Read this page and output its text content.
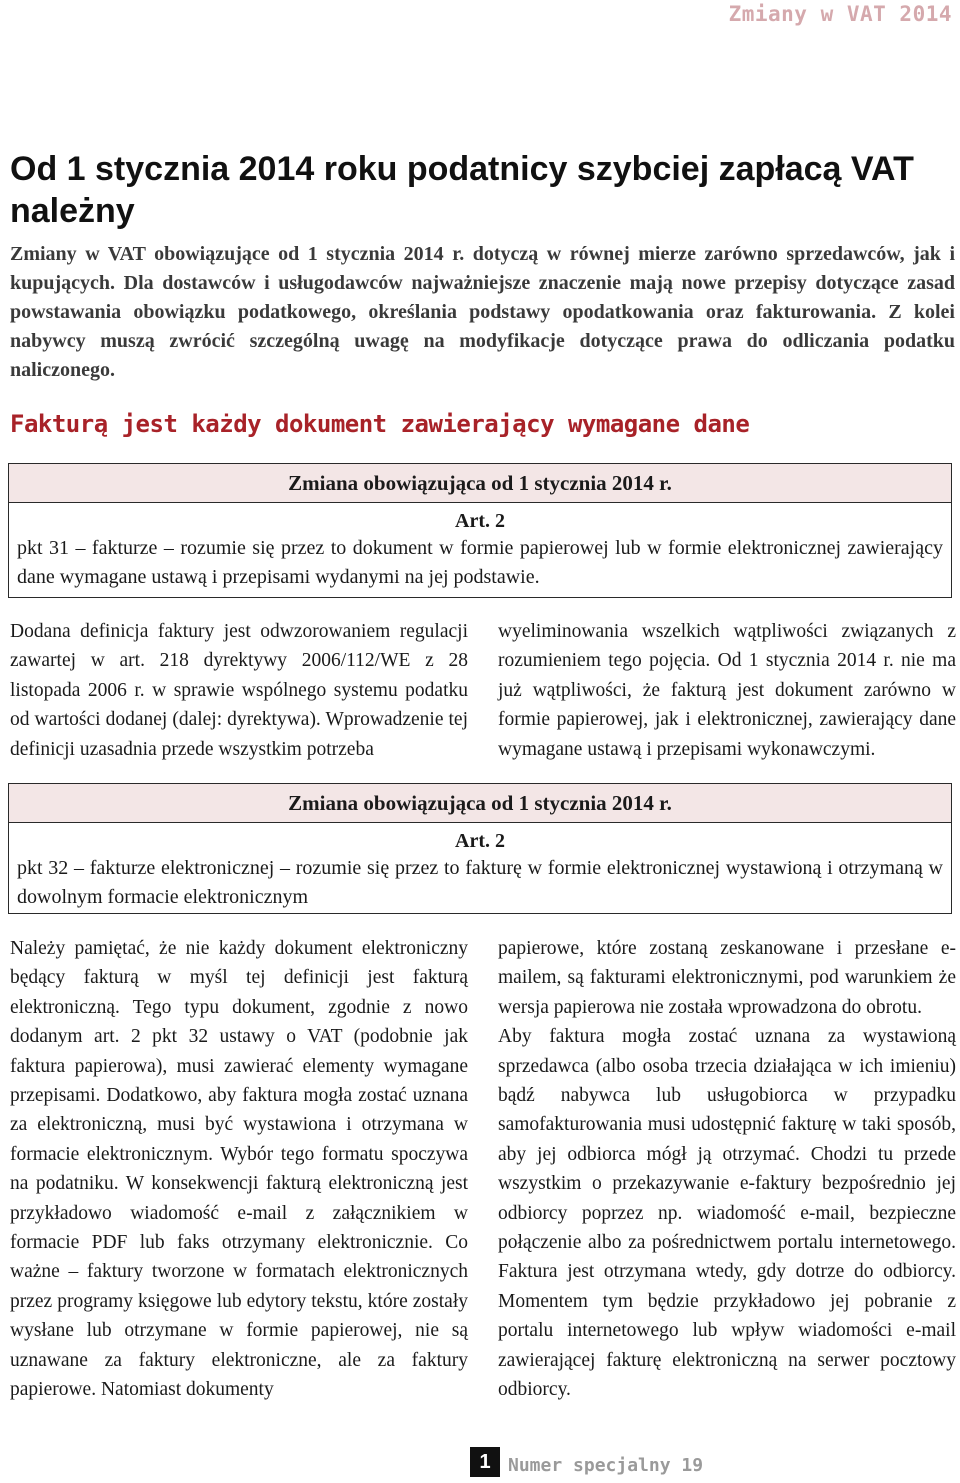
Zmiany w VAT 2014
Od 1 stycznia 2014 roku podatnicy szybciej zapłacą VAT należny
Zmiany w VAT obowiązujące od 1 stycznia 2014 r. dotyczą w równej mierze zarówno sprzedawców, jak i kupujących. Dla dostawców i usługodawców najważniejsze znaczenie mają nowe przepisy dotyczące zasad powstawania obowiązku podatkowego, określania podstawy opodatkowania oraz fakturowania. Z kolei nabywcy muszą zwrócić szczególną uwagę na modyfikacje dotyczące prawa do odliczania podatku naliczonego.
Fakturą jest każdy dokument zawierający wymagane dane
Zmiana obowiązująca od 1 stycznia 2014 r.
Art. 2
pkt 31 – fakturze – rozumie się przez to dokument w formie papierowej lub w formie elektronicznej zawierający dane wymagane ustawą i przepisami wydanymi na jej podstawie.

Dodana definicja faktury jest odwzorowaniem regulacji zawartej w art. 218 dyrektywy 2006/112/WE z 28 listopada 2006 r. w sprawie wspólnego systemu podatku od wartości dodanej (dalej: dyrektywa). Wprowadzenie tej definicji uzasadnia przede wszystkim potrzeba

wyeliminowania wszelkich wątpliwości związanych z rozumieniem tego pojęcia. Od 1 stycznia 2014 r. nie ma już wątpliwości, że fakturą jest dokument zarówno w formie papierowej, jak i elektronicznej, zawierający dane wymagane ustawą i przepisami wykonawczymi.

Zmiana obowiązująca od 1 stycznia 2014 r.
Art. 2
pkt 32 – fakturze elektronicznej – rozumie się przez to fakturę w formie elektronicznej wystawioną i otrzymaną w dowolnym formacie elektronicznym

Należy pamiętać, że nie każdy dokument elektroniczny będący fakturą w myśl tej definicji jest fakturą elektroniczną. Tego typu dokument, zgodnie z nowo dodanym art. 2 pkt 32 ustawy o VAT (podobnie jak faktura papierowa), musi zawierać elementy wymagane przepisami. Dodatkowo, aby faktura mogła zostać uznana za elektroniczną, musi być wystawiona i otrzymana w formacie elektronicznym. Wybór tego formatu spoczywa na podatniku. W konsekwencji fakturą elektroniczną jest przykładowo wiadomość e-mail z załącznikiem w formacie PDF lub faks otrzymany elektronicznie. Co ważne – faktury tworzone w formatach elektronicznych przez programy księgowe lub edytory tekstu, które zostały wysłane lub otrzymane w formie papierowej, nie są uznawane za faktury elektroniczne, ale za faktury papierowe. Natomiast dokumenty

papierowe, które zostaną zeskanowane i przesłane e-mailem, są fakturami elektronicznymi, pod warunkiem że wersja papierowa nie została wprowadzona do obrotu.

Aby faktura mogła zostać uznana za wystawioną sprzedawca (albo osoba trzecia działająca w ich imieniu) bądź nabywca lub usługobiorca w przypadku samofakturowania musi udostępnić fakturę w taki sposób, aby jej odbiorca mógł ją otrzymać. Chodzi tu przede wszystkim o przekazywanie e-faktury bezpośrednio jej odbiorcy poprzez np. wiadomość e-mail, bezpieczne połączenie albo za pośrednictwem portalu internetowego. Faktura jest otrzymana wtedy, gdy dotrze do odbiorcy. Momentem tym będzie przykładowo jej pobranie z portalu internetowego lub wpływ wiadomości e-mail zawierającej fakturę elektroniczną na serwer pocztowy odbiorcy.

1 Numer specjalny 19
